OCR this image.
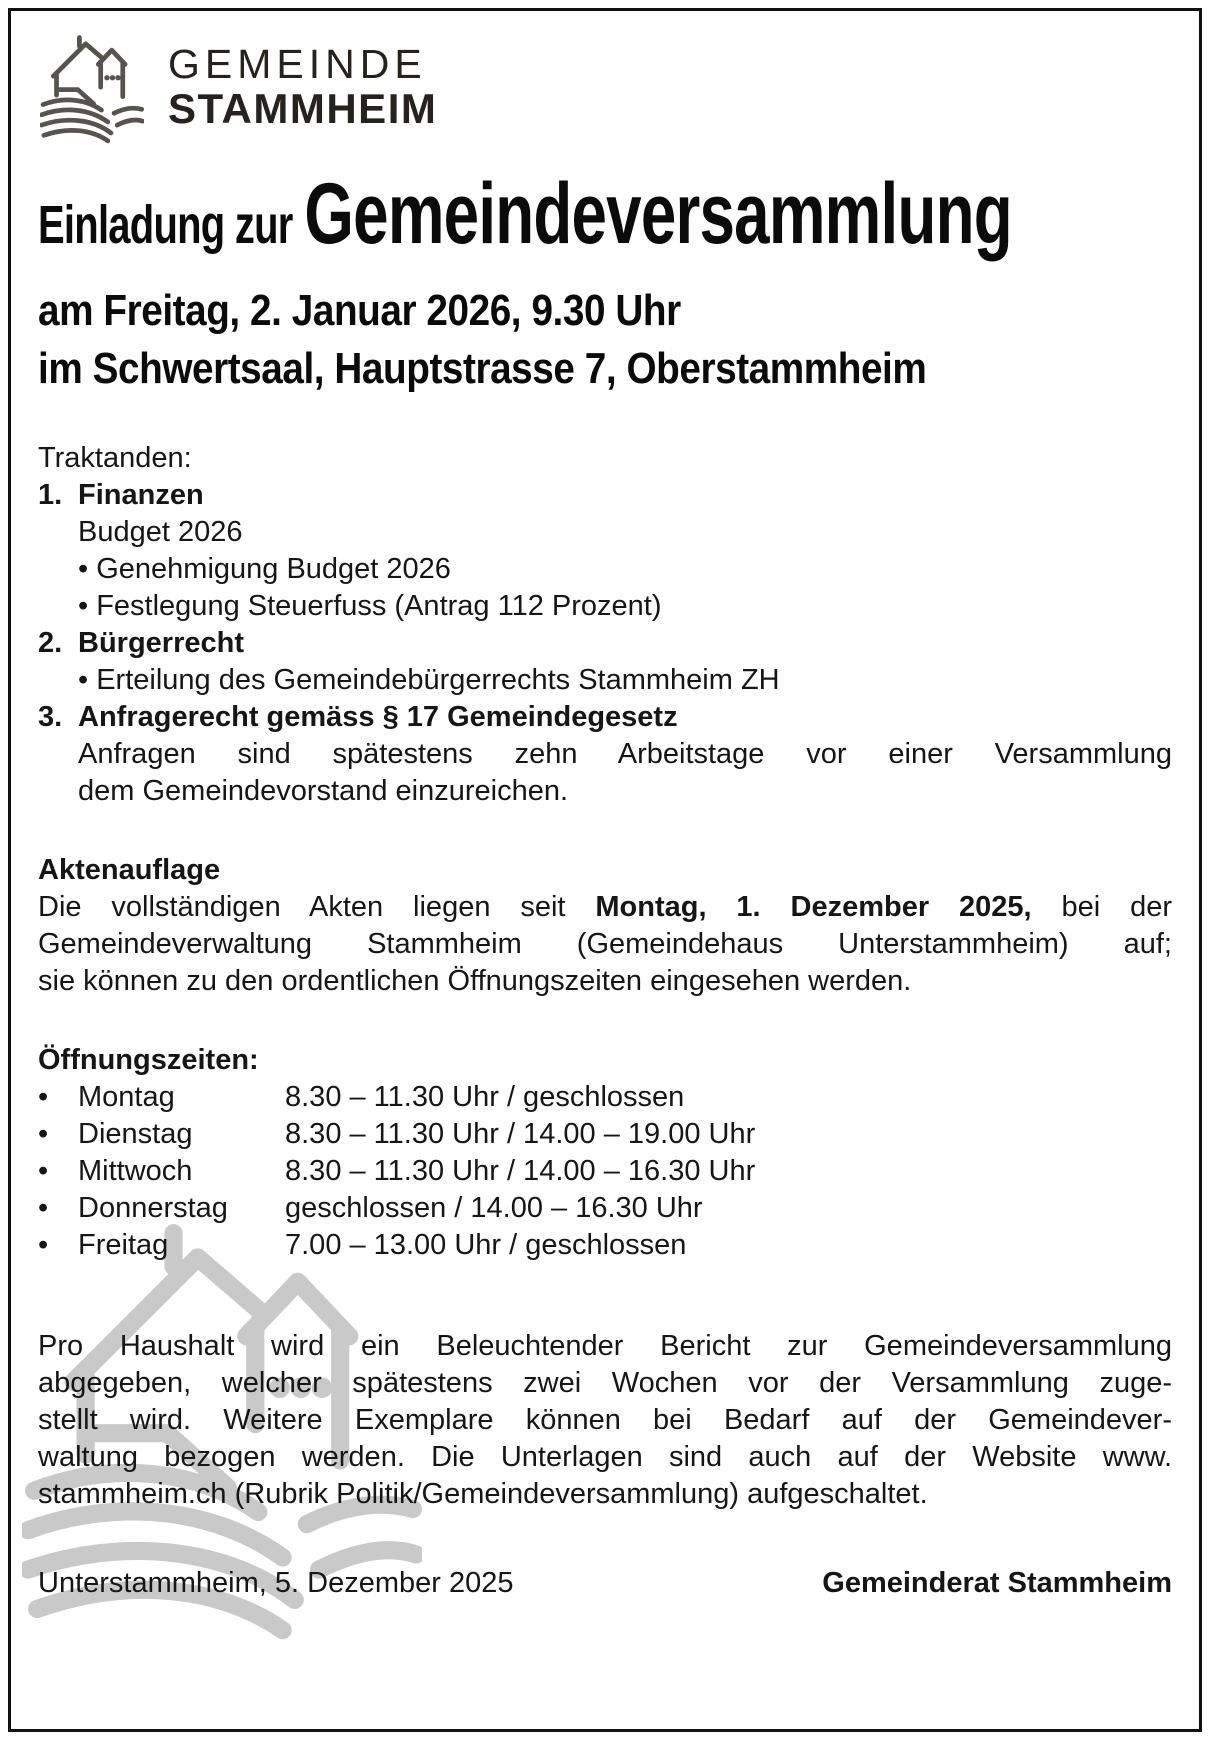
GEMEINDE
STAMMHEIM
Einladung zur Gemeindeversammlung
am Freitag, 2. Januar 2026, 9.30 Uhr
im Schwertsaal, Hauptstrasse 7, Oberstammheim
Traktanden:
1. Finanzen
Budget 2026
• Genehmigung Budget 2026
• Festlegung Steuerfuss (Antrag 112 Prozent)
2. Bürgerrecht
• Erteilung des Gemeindebürgerrechts Stammheim ZH
3. Anfragerecht gemäss § 17 Gemeindegesetz
Anfragen sind spätestens zehn Arbeitstage vor einer Versammlung
dem Gemeindevorstand einzureichen.
Aktenauflage
Die vollständigen Akten liegen seit Montag, 1. Dezember 2025, bei der
Gemeindeverwaltung Stammheim (Gemeindehaus Unterstammheim) auf;
sie können zu den ordentlichen Öffnungszeiten eingesehen werden.
Öffnungszeiten:
•	Montag	8.30 – 11.30 Uhr / geschlossen
•	Dienstag	8.30 – 11.30 Uhr / 14.00 – 19.00 Uhr
•	Mittwoch	8.30 – 11.30 Uhr / 14.00 – 16.30 Uhr
•	Donnerstag	geschlossen / 14.00 – 16.30 Uhr
•	Freitag	7.00 – 13.00 Uhr / geschlossen
Pro Haushalt wird ein Beleuchtender Bericht zur Gemeindeversammlung
abgegeben, welcher spätestens zwei Wochen vor der Versammlung zuge-
stellt wird. Weitere Exemplare können bei Bedarf auf der Gemeindever-
waltung bezogen werden. Die Unterlagen sind auch auf der Website www.
stammheim.ch (Rubrik Politik/Gemeindeversammlung) aufgeschaltet.
Unterstammheim, 5. Dezember 2025	Gemeinderat Stammheim
